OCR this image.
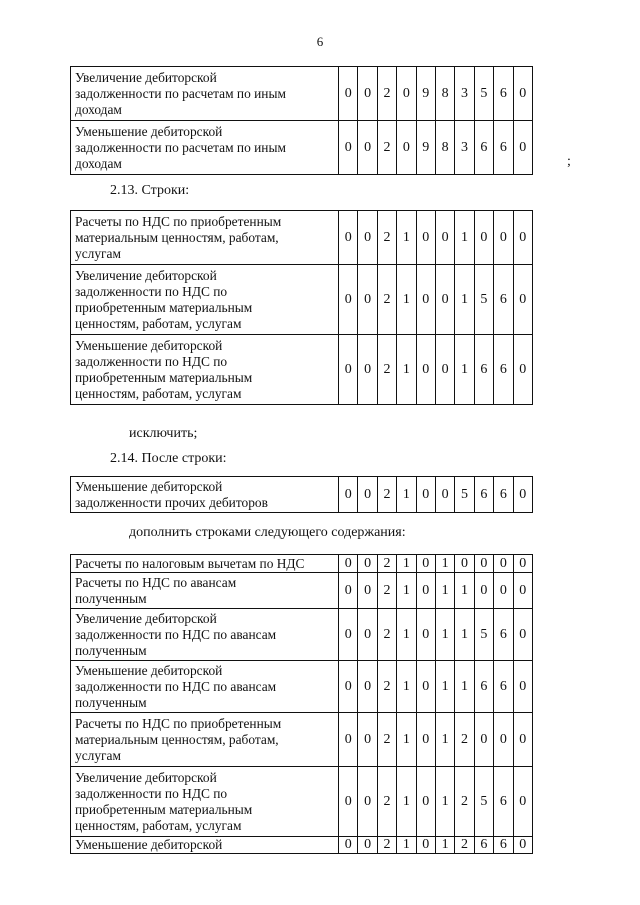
6
Увеличение дебиторской
задолженности по расчетам по иным
доходам	0	0	2	0	9	8	3	5	6	0

Уменьшение дебиторской
задолженности по расчетам по иным
доходам	0	0	2	0	9	8	3	6	6	0
;
2.13. Строки:
Расчеты по НДС по приобретенным
материальным ценностям, работам,
услугам	0	0	2	1	0	0	1	0	0	0

Увеличение дебиторской
задолженности по НДС по
приобретенным материальным
ценностям, работам, услугам	0	0	2	1	0	0	1	5	6	0

Уменьшение дебиторской
задолженности по НДС по
приобретенным материальным
ценностям, работам, услугам	0	0	2	1	0	0	1	6	6	0
исключить;
2.14. После строки:
Уменьшение дебиторской
задолженности прочих дебиторов
	0	0	2	1	0	0	5	6	6	0
дополнить строками следующего содержания:
Расчеты по налоговым вычетам по НДС	0	0	2	1	0	1	0	0	0	0

Расчеты по НДС по авансам
полученным	0	0	2	1	0	1	1	0	0	0

Увеличение дебиторской
задолженности по НДС по авансам
полученным	0	0	2	1	0	1	1	5	6	0

Уменьшение дебиторской
задолженности по НДС по авансам
полученным	0	0	2	1	0	1	1	6	6	0

Расчеты по НДС по приобретенным
материальным ценностям, работам,
услугам	0	0	2	1	0	1	2	0	0	0

Увеличение дебиторской
задолженности по НДС по
приобретенным материальным
ценностям, работам, услугам	0	0	2	1	0	1	2	5	6	0

Уменьшение дебиторской	0	0	2	1	0	1	2	6	6	0
